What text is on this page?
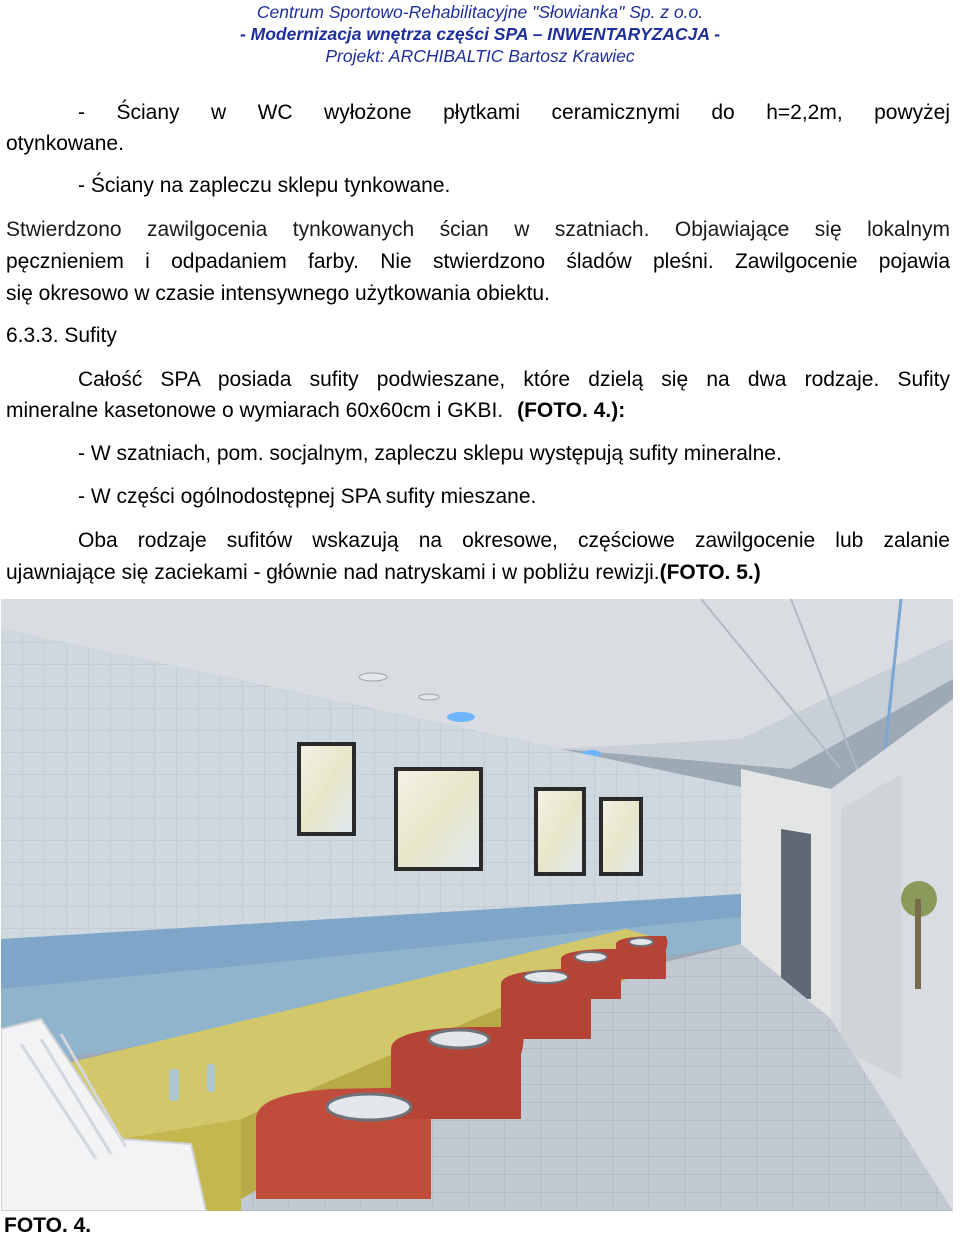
Centrum Sportowo-Rehabilitacyjne "Słowianka" Sp. z o.o.
- Modernizacja wnętrza części SPA – INWENTARYZACJA -
Projekt: ARCHIBALTIC Bartosz Krawiec
- Ściany w WC wyłożone płytkami ceramicznymi do h=2,2m, powyżej
otynkowane.
- Ściany na zapleczu sklepu tynkowane.
Stwierdzono zawilgocenia tynkowanych ścian w szatniach. Objawiające się lokalnym
pęcznieniem i odpadaniem farby. Nie stwierdzono śladów pleśni. Zawilgocenie pojawia
się okresowo w czasie intensywnego użytkowania obiektu.
6.3.3. Sufity
Całość SPA posiada sufity podwieszane, które dzielą się na dwa rodzaje. Sufity
mineralne kasetonowe o wymiarach 60x60cm i GKBI. (FOTO. 4.):
- W szatniach, pom. socjalnym, zapleczu sklepu występują sufity mineralne.
- W części ogólnodostępnej SPA sufity mieszane.
Oba rodzaje sufitów wskazują na okresowe, częściowe zawilgocenie lub zalanie
ujawniające się zaciekami - głównie nad natryskami i w pobliżu rewizji.(FOTO. 5.)
FOTO. 4.
